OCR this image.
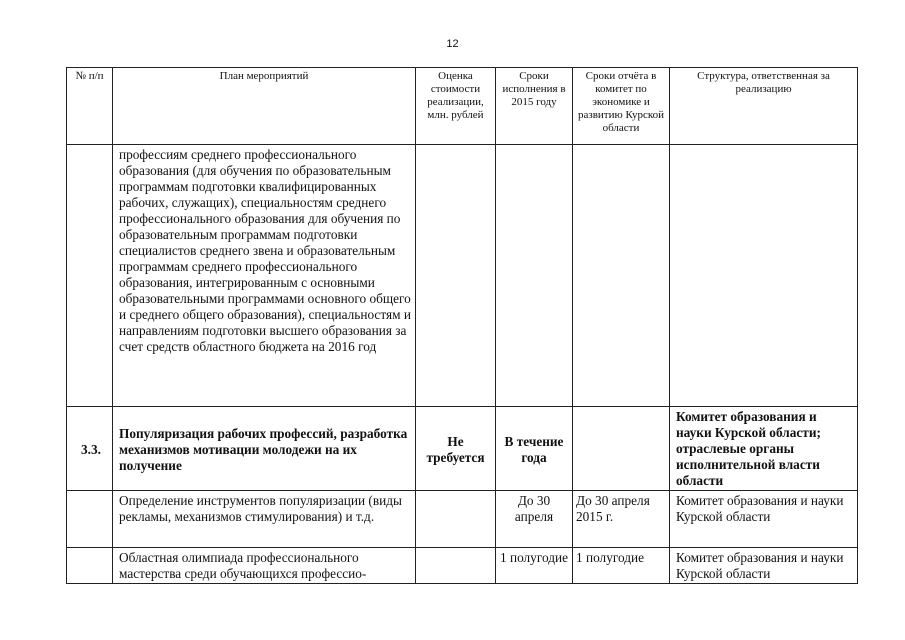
12
№ п/п	План мероприятий	Оценка стоимости реализации, млн. рублей	Сроки исполнения в 2015 году	Сроки отчёта в комитет по экономике и развитию Курской области	Структура, ответственная за реализацию
	профессиям среднего профессионального образования (для обучения по образовательным программам подготовки квалифицированных рабочих, служащих), специальностям среднего профессионального образования для обучения по образовательным программам подготовки специалистов среднего звена и образовательным программам среднего профессионального образования, интегрированным с основными образовательными программами основного общего и среднего общего образования), специальностям и направлениям подготовки высшего образования за счет средств областного бюджета на 2016 год				
3.3.	Популяризация рабочих профессий, разработка механизмов мотивации молодежи на их получение	Не требуется	В течение года		Комитет образования и науки Курской области; отраслевые органы исполнительной власти области
	Определение инструментов популяризации (виды рекламы, механизмов стимулирования) и т.д.		До 30 апреля	До 30 апреля 2015 г.	Комитет образования и науки Курской области
	Областная олимпиада профессионального мастерства среди обучающихся профессио-		1 полугодие	1 полугодие	Комитет образования и науки Курской области
